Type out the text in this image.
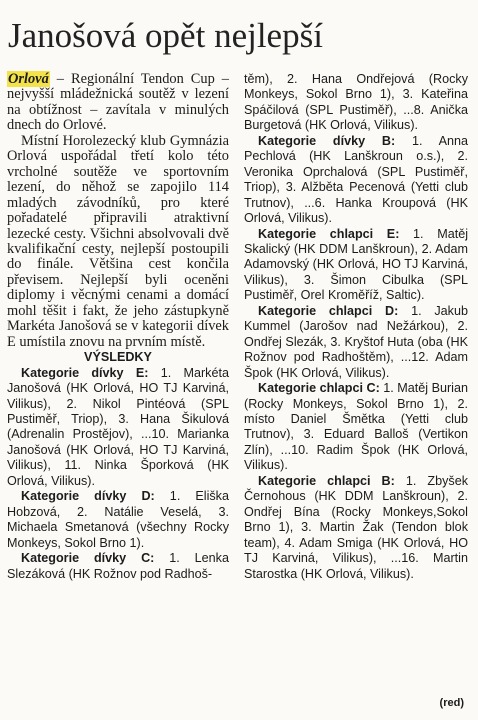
Janošová opět nejlepší

Orlová – Regionální Tendon Cup – nejvyšší mládežnická soutěž v lezení na obtížnost – zavítala v minulých dnech do Orlové.

Místní Horolezecký klub Gymnázia Orlová uspořádal třetí kolo této vrcholné soutěže ve sportovním lezení, do něhož se zapojilo 114 mladých závodníků, pro které pořadatelé připravili atraktivní lezecké cesty. Všichni absolvovali dvě kvalifikační cesty, nejlepší postoupili do finále. Většina cest končila převisem. Nejlepší byli oceněni diplomy i věcnými cenami a domácí mohl těšit i fakt, že jeho zástupkyně Markéta Janošová se v kategorii dívek E umístila znovu na prvním místě.

VÝSLEDKY

Kategorie dívky E: 1. Markéta Janošová (HK Orlová, HO TJ Karviná, Vilikus), 2. Nikol Pintéová (SPL Pustiměř, Triop), 3. Hana Šikulová (Adrenalin Prostějov), ...10. Marianka Janošová (HK Orlová, HO TJ Karviná, Vilikus), 11. Ninka Šporková (HK Orlová, Vilikus).

Kategorie dívky D: 1. Eliška Hobzová, 2. Natálie Veselá, 3. Michaela Smetanová (všechny Rocky Monkeys, Sokol Brno 1).

Kategorie dívky C: 1. Lenka Slezáková (HK Rožnov pod Radhoš-

těm), 2. Hana Ondřejová (Rocky Monkeys, Sokol Brno 1), 3. Kateřina Spáčilová (SPL Pustiměř), ...8. Anička Burgetová (HK Orlová, Vilikus).

Kategorie dívky B: 1. Anna Pechlová (HK Lanškroun o.s.), 2. Veronika Oprchalová (SPL Pustiměř, Triop), 3. Alžběta Pecenová (Yetti club Trutnov), ...6. Hanka Kroupová (HK Orlová, Vilikus).

Kategorie chlapci E: 1. Matěj Skalický (HK DDM Lanškroun), 2. Adam Adamovský (HK Orlová, HO TJ Karviná, Vilikus), 3. Šimon Cibulka (SPL Pustiměř, Orel Kroměříž, Saltic).

Kategorie chlapci D: 1. Jakub Kummel (Jarošov nad Nežárkou), 2. Ondřej Slezák, 3. Kryštof Huta (oba (HK Rožnov pod Radhoštěm), ...12. Adam Špok (HK Orlová, Vilikus).

Kategorie chlapci C: 1. Matěj Burian (Rocky Monkeys, Sokol Brno 1), 2. místo Daniel Šmětka (Yetti club Trutnov), 3. Eduard Balloš (Vertikon Zlín), ...10. Radim Špok (HK Orlová, Vilikus).

Kategorie chlapci B: 1. Zbyšek Černohous (HK DDM Lanškroun), 2. Ondřej Bína (Rocky Monkeys,Sokol Brno 1), 3. Martin Žak (Tendon blok team), 4. Adam Smiga (HK Orlová, HO TJ Karviná, Vilikus), ...16. Martin Starostka (HK Orlová, Vilikus).

(red)
